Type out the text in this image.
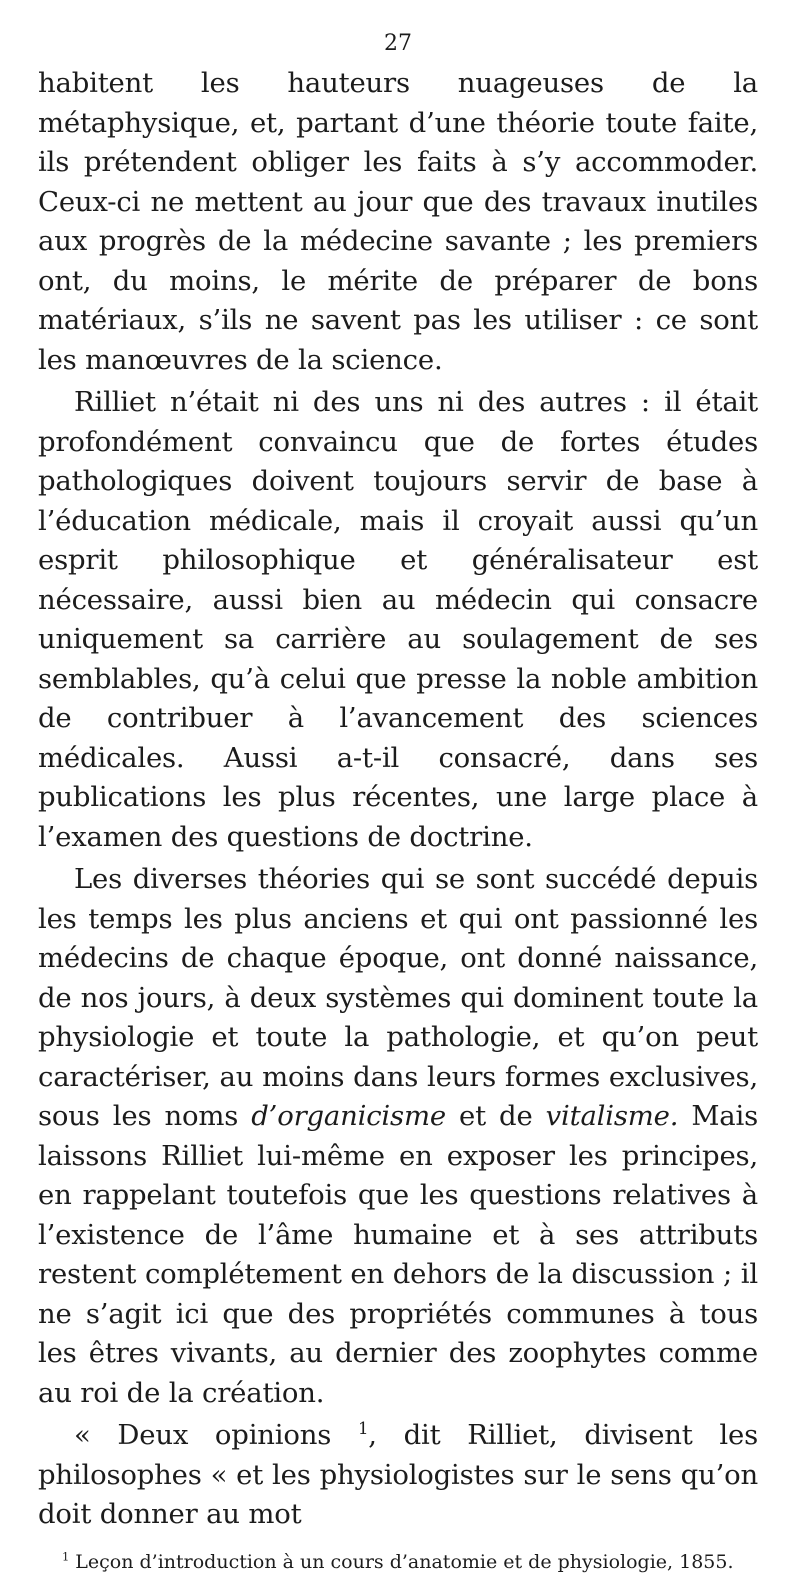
27

habitent les hauteurs nuageuses de la métaphysique, et, partant d’une théorie toute faite, ils prétendent obliger les faits à s’y accommoder. Ceux-ci ne mettent au jour que des travaux inutiles aux progrès de la médecine savante ; les premiers ont, du moins, le mérite de préparer de bons matériaux, s’ils ne savent pas les utiliser : ce sont les manœuvres de la science.

Rilliet n’était ni des uns ni des autres : il était profondément convaincu que de fortes études pathologiques doivent toujours servir de base à l’éducation médicale, mais il croyait aussi qu’un esprit philosophique et généralisateur est nécessaire, aussi bien au médecin qui consacre uniquement sa carrière au soulagement de ses semblables, qu’à celui que presse la noble ambition de contribuer à l’avancement des sciences médicales. Aussi a-t-il consacré, dans ses publications les plus récentes, une large place à l’examen des questions de doctrine.

Les diverses théories qui se sont succédé depuis les temps les plus anciens et qui ont passionné les médecins de chaque époque, ont donné naissance, de nos jours, à deux systèmes qui dominent toute la physiologie et toute la pathologie, et qu’on peut caractériser, au moins dans leurs formes exclusives, sous les noms d’organicisme et de vitalisme. Mais laissons Rilliet lui-même en exposer les principes, en rappelant toutefois que les questions relatives à l’existence de l’âme humaine et à ses attributs restent complétement en dehors de la discussion ; il ne s’agit ici que des propriétés communes à tous les êtres vivants, au dernier des zoophytes comme au roi de la création.

« Deux opinions $^1$, dit Rilliet, divisent les philosophes « et les physiologistes sur le sens qu’on doit donner au mot

$^1$ Leçon d’introduction à un cours d’anatomie et de physiologie, 1855.
